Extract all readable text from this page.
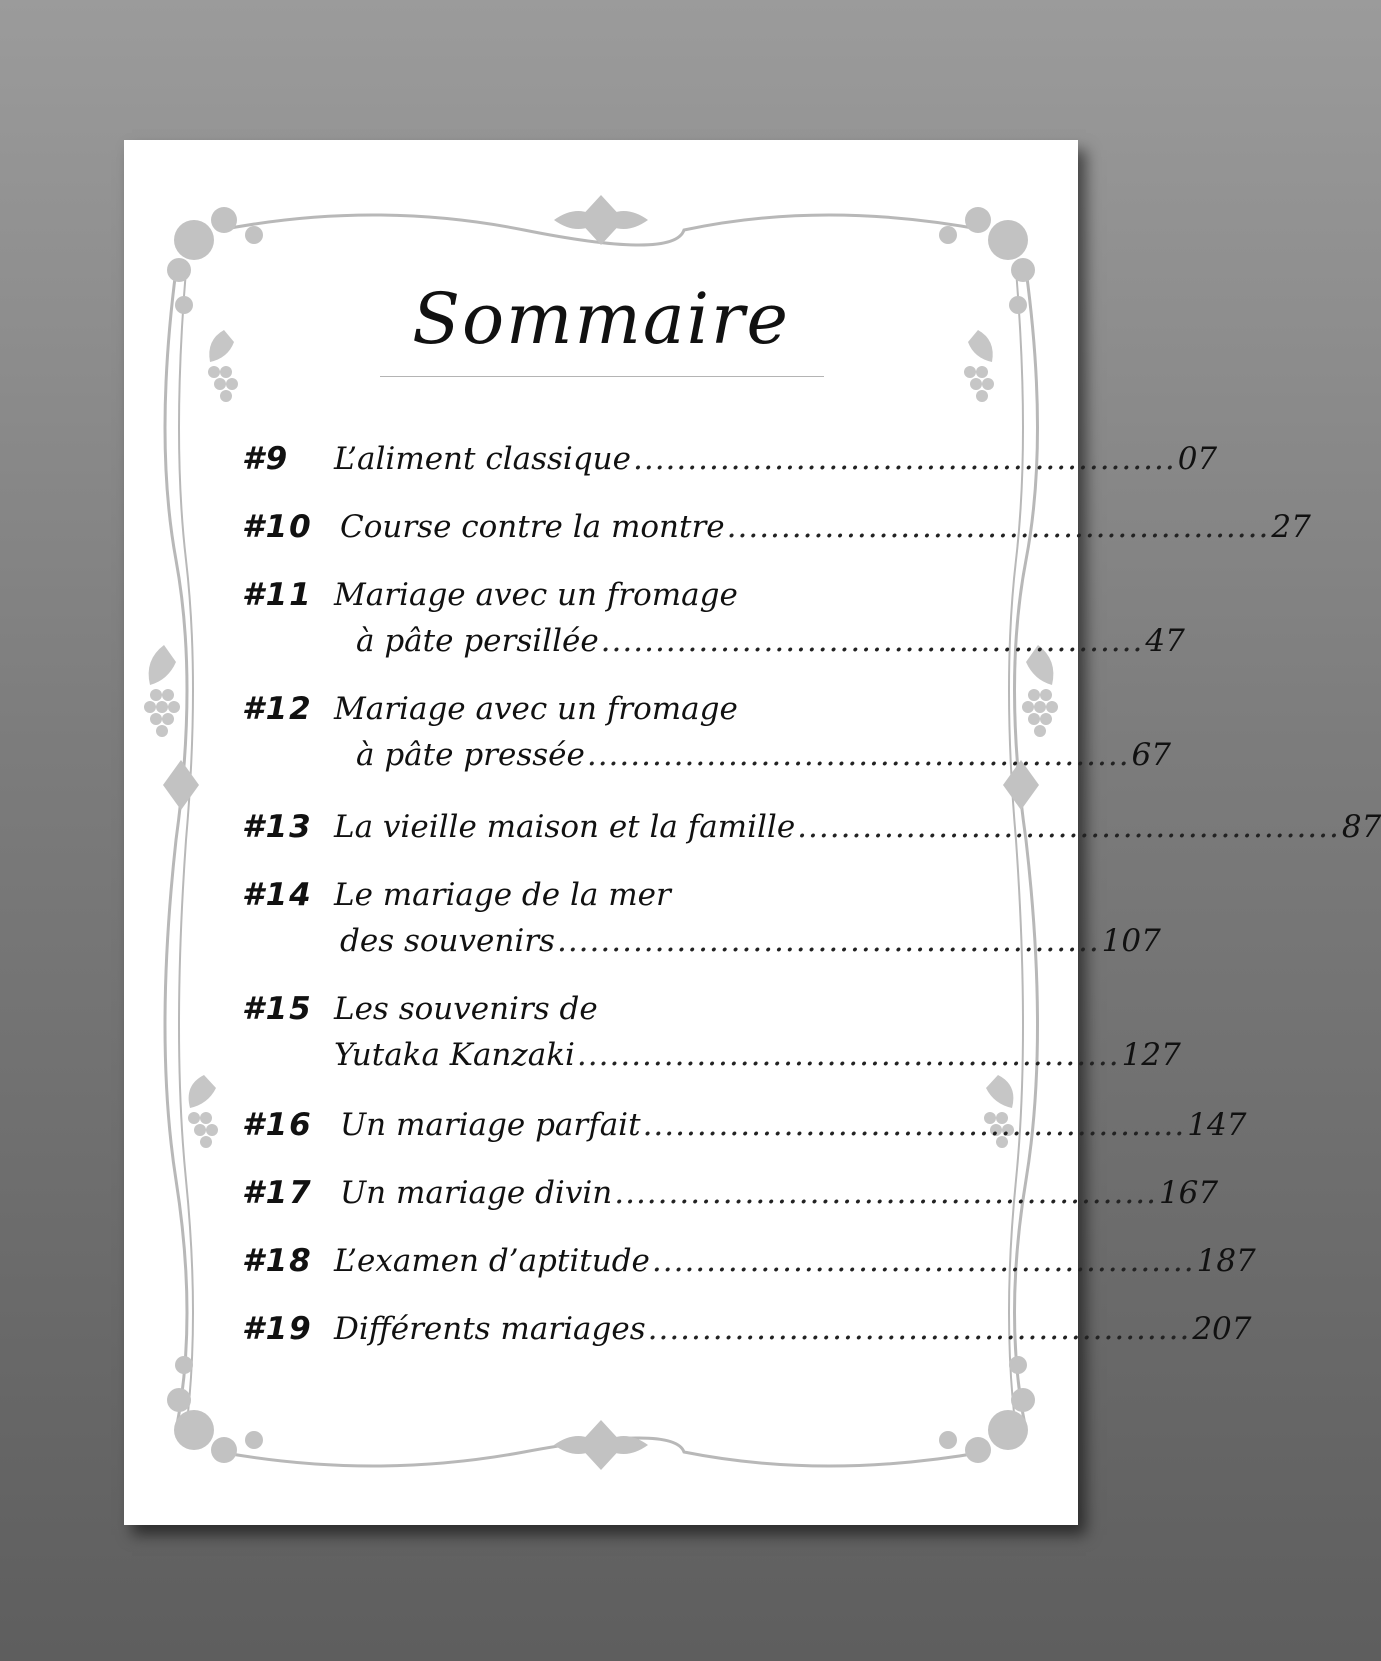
Sommaire
#9	L’aliment classique .................................................. 07
#10 Course contre la montre .................................................. 27
#11 Mariage avec un fromage
à pâte persillée .................................................. 47
#12 Mariage avec un fromage
à pâte pressée .................................................. 67
#13 La vieille maison et la famille .................................................. 87
#14 Le mariage de la mer
des souvenirs .................................................. 107
#15 Les souvenirs de
Yutaka Kanzaki .................................................. 127
#16 Un mariage parfait .................................................. 147
#17 Un mariage divin .................................................. 167
#18 L’examen d’aptitude .................................................. 187
#19 Différents mariages .................................................. 207
